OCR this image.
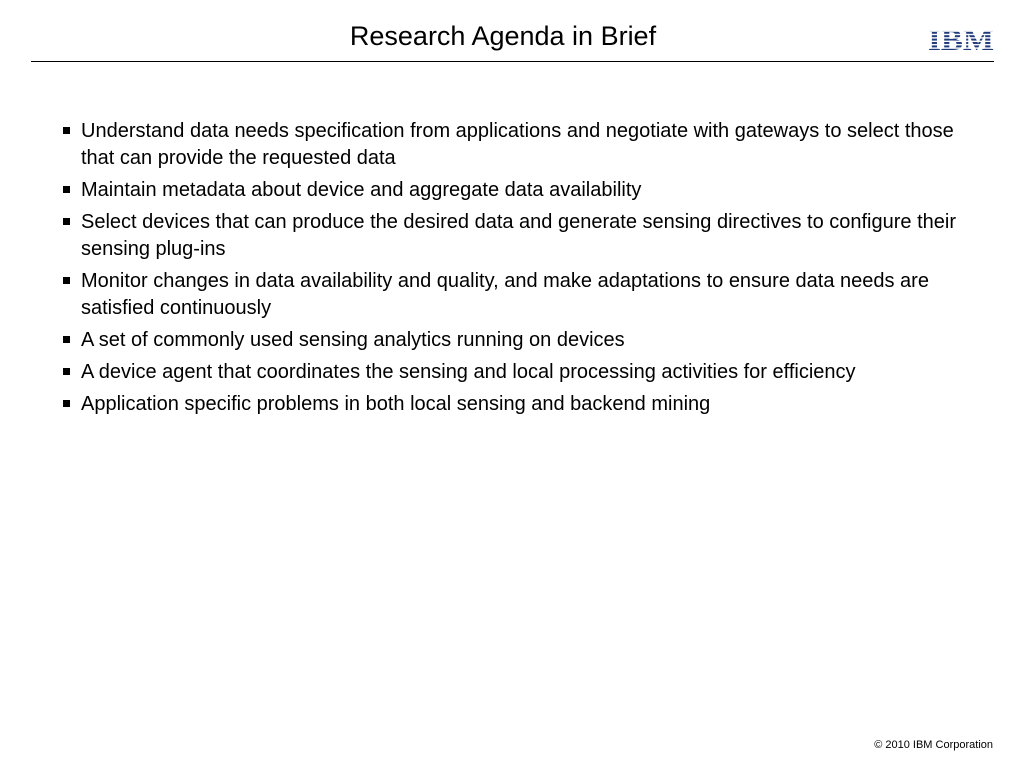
Research Agenda in Brief
Understand data needs specification from applications and negotiate with gateways to select those that can provide the requested data
Maintain metadata about device and aggregate data availability
Select devices that can produce the desired data and generate sensing directives to configure their sensing plug-ins
Monitor changes in data availability and quality, and make adaptations to ensure data needs are satisfied continuously
A set of commonly used sensing analytics running on devices
A device agent that coordinates the sensing and local processing activities for efficiency
Application specific problems in both local sensing and backend mining
© 2010 IBM Corporation
